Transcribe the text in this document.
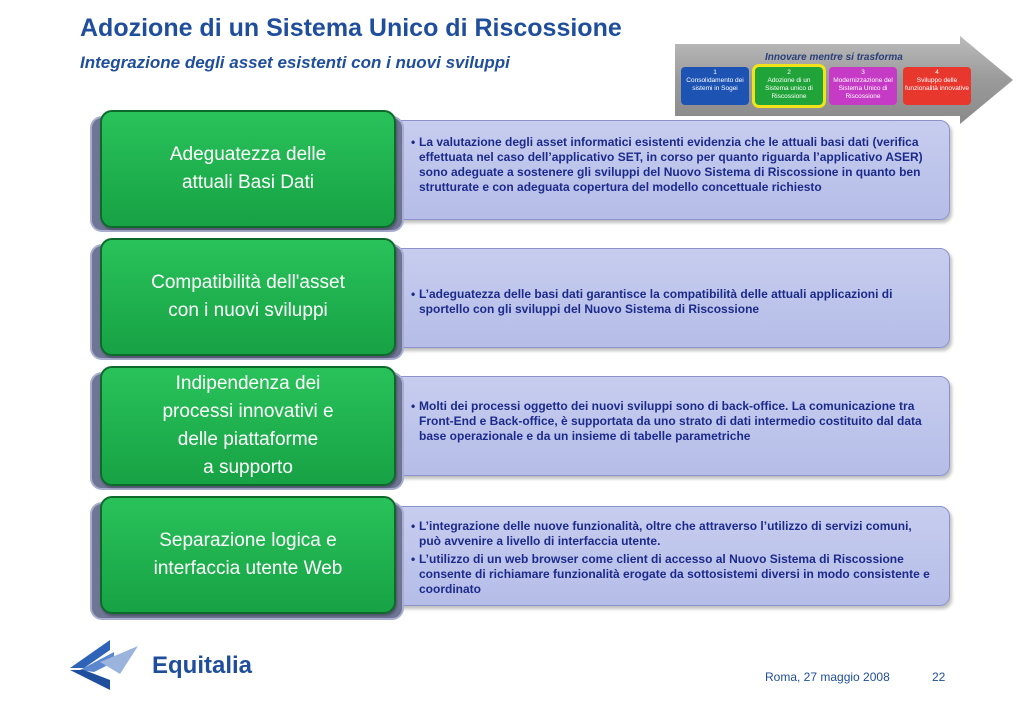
Adozione di un Sistema Unico di Riscossione
Integrazione degli asset esistenti con i nuovi sviluppi	Innovare mentre si trasforma
1
Consolidamento dei sistemi in Sogei
2
Adozione di un Sistema unico di Riscossione
3
Modernizzazione del Sistema Unico di Riscossione
4
Sviluppo delle funzionalità innovative
• La valutazione degli asset informatici esistenti evidenzia che le attuali basi dati (verifica effettuata nel caso dell’applicativo SET, in corso per quanto riguarda l’applicativo ASER) sono adeguate a sostenere gli sviluppi del Nuovo Sistema di Riscossione in quanto ben strutturate e con adeguata copertura del modello concettuale richiesto
Adeguatezza delle
attuali Basi Dati
• L’adeguatezza delle basi dati garantisce la compatibilità delle attuali applicazioni di sportello con gli sviluppi del Nuovo Sistema di Riscossione
Compatibilità dell'asset
con i nuovi sviluppi
• Molti dei processi oggetto dei nuovi sviluppi sono di back-office. La comunicazione tra Front-End e Back-office, è supportata da uno strato di dati intermedio costituito dal data base operazionale e da un insieme di tabelle parametriche
Indipendenza dei
processi innovativi e
delle piattaforme
a supporto
• L’integrazione delle nuove funzionalità, oltre che attraverso l’utilizzo di servizi comuni, può avvenire a livello di interfaccia utente.
• L’utilizzo di un web browser come client di accesso al Nuovo Sistema di Riscossione consente di richiamare funzionalità erogate da sottosistemi diversi in modo consistente e coordinato
Separazione logica e
interfaccia utente Web
Equitalia	Roma, 27 maggio 2008	22
